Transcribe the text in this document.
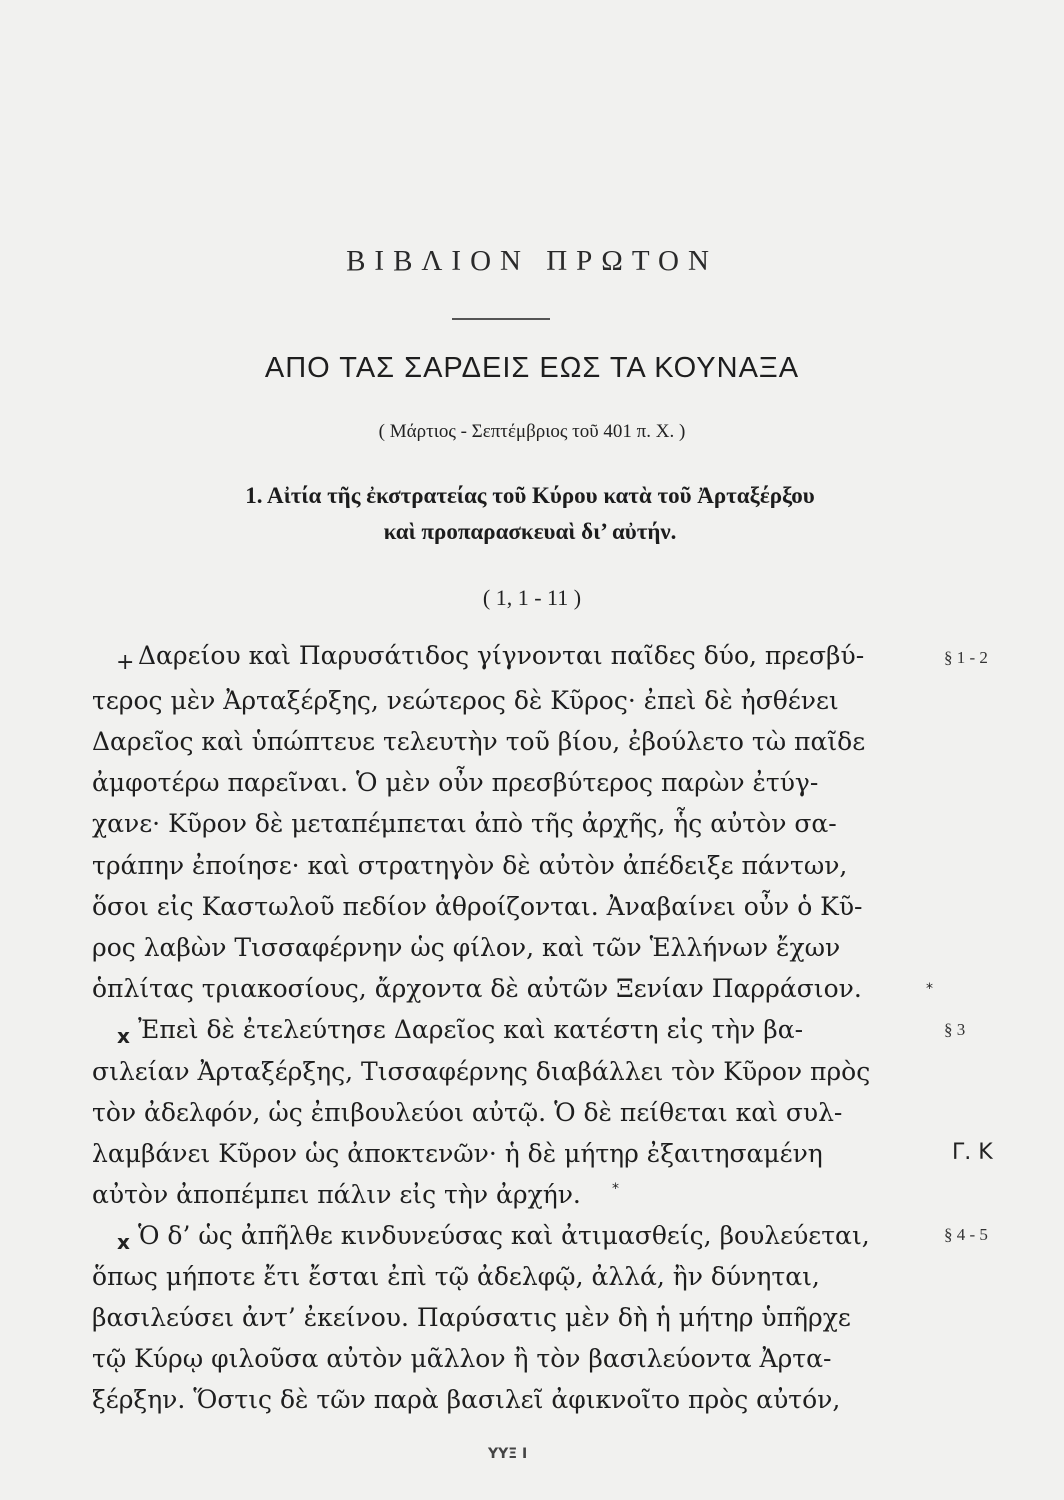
ΒΙΒΛΙΟΝ ΠΡΩΤΟΝ
ΑΠΟ ΤΑΣ ΣΑΡΔΕΙΣ ΕΩΣ ΤΑ ΚΟΥΝΑΞΑ
( Μάρτιος - Σεπτέμβριος τοῦ 401 π. Χ. )
1. Αἰτία τῆς ἐκστρατείας τοῦ Κύρου κατὰ τοῦ Ἀρταξέρξου
καὶ προπαρασκευαὶ δι’ αὐτήν.
( 1, 1 - 11 )
Δαρείου καὶ Παρυσάτιδος γίγνονται παῖδες δύο, πρεσβύ-
τερος μὲν Ἀρταξέρξης, νεώτερος δὲ Κῦρος· ἐπεὶ δὲ ἠσθένει
Δαρεῖος καὶ ὑπώπτευε τελευτὴν τοῦ βίου, ἐβούλετο τὼ παῖδε
ἀμφοτέρω παρεῖναι. Ὁ μὲν οὖν πρεσβύτερος παρὼν ἐτύγ-
χανε· Κῦρον δὲ μεταπέμπεται ἀπὸ τῆς ἀρχῆς, ἧς αὐτὸν σα-
τράπην ἐποίησε· καὶ στρατηγὸν δὲ αὐτὸν ἀπέδειξε πάντων,
ὅσοι εἰς Καστωλοῦ πεδίον ἀθροίζονται. Ἀναβαίνει οὖν ὁ Κῦ-
ρος λαβὼν Τισσαφέρνην ὡς φίλον, καὶ τῶν Ἑλλήνων ἔχων
ὁπλίτας τριακοσίους, ἄρχοντα δὲ αὐτῶν Ξενίαν Παρράσιον.
Ἐπεὶ δὲ ἐτελεύτησε Δαρεῖος καὶ κατέστη εἰς τὴν βα-
σιλείαν Ἀρταξέρξης, Τισσαφέρνης διαβάλλει τὸν Κῦρον πρὸς
τὸν ἀδελφόν, ὡς ἐπιβουλεύοι αὐτῷ. Ὁ δὲ πείθεται καὶ συλ-
λαμβάνει Κῦρον ὡς ἀποκτενῶν· ἡ δὲ μήτηρ ἐξαιτησαμένη
αὐτὸν ἀποπέμπει πάλιν εἰς τὴν ἀρχήν.
Ὁ δ’ ὡς ἀπῆλθε κινδυνεύσας καὶ ἀτιμασθείς, βουλεύεται,
ὅπως μήποτε ἔτι ἔσται ἐπὶ τῷ ἀδελφῷ, ἀλλά, ἢν δύνηται,
βασιλεύσει ἀντ’ ἐκείνου. Παρύσατις μὲν δὴ ἡ μήτηρ ὑπῆρχε
τῷ Κύρῳ φιλοῦσα αὐτὸν μᾶλλον ἢ τὸν βασιλεύοντα Ἀρτα-
ξέρξην. Ὅστις δὲ τῶν παρὰ βασιλεῖ ἀφικνοῖτο πρὸς αὐτόν,
§ 1 - 2
§ 3
§ 4 - 5
+
x
x
*
*
Γ. Κ
ΥΥΞ Ι
